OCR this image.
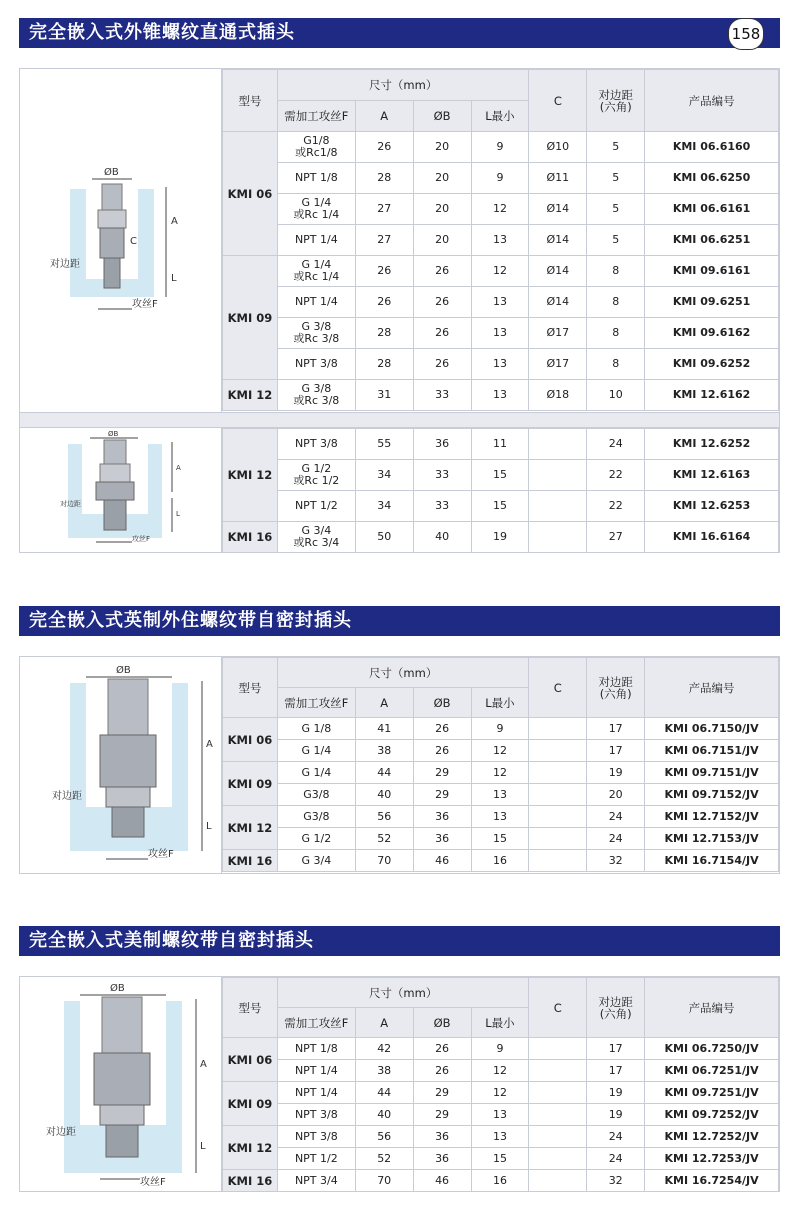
完全嵌入式外锥螺纹直通式插头	158
ØB
A
C
对边距
L
攻丝F
型号	尺寸（mm）				C	对边距
(六角)	产品编号
	需加工攻丝F	A	ØB	L最小			
KMI 06	G1/8
或Rc1/8	26	20	9	Ø10	5	KMI 06.6160
	NPT 1/8	28	20	9	Ø11	5	KMI 06.6250
	G 1/4
或Rc 1/4	27	20	12	Ø14	5	KMI 06.6161
	NPT 1/4	27	20	13	Ø14	5	KMI 06.6251
KMI 09	G 1/4
或Rc 1/4	26	26	12	Ø14	8	KMI 09.6161
	NPT 1/4	26	26	13	Ø14	8	KMI 09.6251
	G 3/8
或Rc 3/8	28	26	13	Ø17	8	KMI 09.6162
	NPT 3/8	28	26	13	Ø17	8	KMI 09.6252
KMI 12	G 3/8
或Rc 3/8	31	33	13	Ø18	10	KMI 12.6162
ØB
A
对边距
L
攻丝F
KMI 12	NPT 3/8	55	36	11		24	KMI 12.6252
	G 1/2
或Rc 1/2	34	33	15		22	KMI 12.6163
	NPT 1/2	34	33	15		22	KMI 12.6253
KMI 16	G 3/4
或Rc 3/4	50	40	19		27	KMI 16.6164
完全嵌入式英制外住螺纹带自密封插头
ØB
A
对边距
L
攻丝F
型号	尺寸（mm）				C	对边距
(六角)	产品编号
	需加工攻丝F	A	ØB	L最小			
KMI 06	G 1/8	41	26	9		17	KMI 06.7150/JV
	G 1/4	38	26	12		17	KMI 06.7151/JV
KMI 09	G 1/4	44	29	12		19	KMI 09.7151/JV
	G3/8	40	29	13		20	KMI 09.7152/JV
KMI 12	G3/8	56	36	13		24	KMI 12.7152/JV
	G 1/2	52	36	15		24	KMI 12.7153/JV
KMI 16	G 3/4	70	46	16		32	KMI 16.7154/JV
完全嵌入式美制螺纹带自密封插头
ØB
A
对边距
L
攻丝F
型号	尺寸（mm）				C	对边距
(六角)	产品编号
	需加工攻丝F	A	ØB	L最小			
KMI 06	NPT 1/8	42	26	9		17	KMI 06.7250/JV
	NPT 1/4	38	26	12		17	KMI 06.7251/JV
KMI 09	NPT 1/4	44	29	12		19	KMI 09.7251/JV
	NPT 3/8	40	29	13		19	KMI 09.7252/JV
KMI 12	NPT 3/8	56	36	13		24	KMI 12.7252/JV
	NPT 1/2	52	36	15		24	KMI 12.7253/JV
KMI 16	NPT 3/4	70	46	16		32	KMI 16.7254/JV
